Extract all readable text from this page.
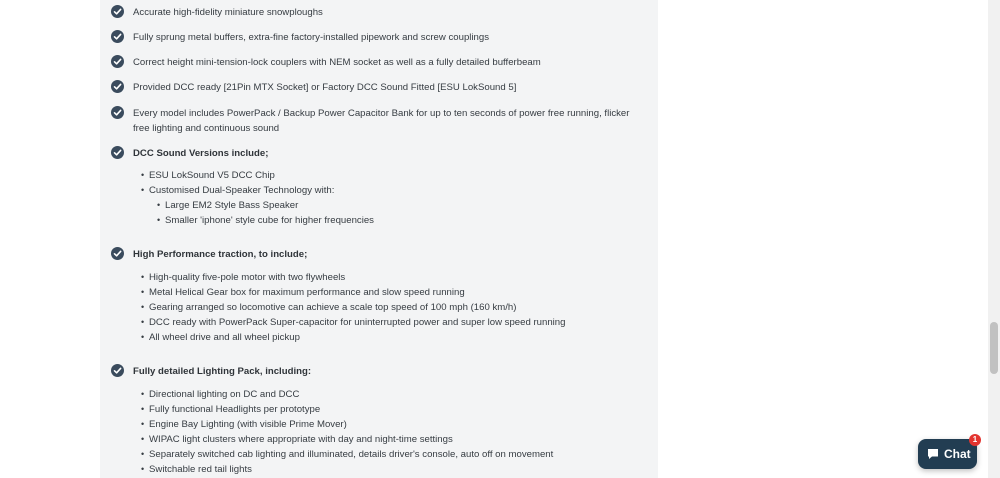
Accurate high-fidelity miniature snowploughs
Fully sprung metal buffers, extra-fine factory-installed pipework and screw couplings
Correct height mini-tension-lock couplers with NEM socket as well as a fully detailed bufferbeam
Provided DCC ready [21Pin MTX Socket] or Factory DCC Sound Fitted [ESU LokSound 5]
Every model includes PowerPack / Backup Power Capacitor Bank for up to ten seconds of power free running, flicker free lighting and continuous sound
DCC Sound Versions include;
• ESU LokSound V5 DCC Chip
• Customised Dual-Speaker Technology with:
• Large EM2 Style Bass Speaker
• Smaller 'iphone' style cube for higher frequencies
High Performance traction, to include;
• High-quality five-pole motor with two flywheels
• Metal Helical Gear box for maximum performance and slow speed running
• Gearing arranged so locomotive can achieve a scale top speed of 100 mph (160 km/h)
• DCC ready with PowerPack Super-capacitor for uninterrupted power and super low speed running
• All wheel drive and all wheel pickup
Fully detailed Lighting Pack, including:
• Directional lighting on DC and DCC
• Fully functional Headlights per prototype
• Engine Bay Lighting (with visible Prime Mover)
• WIPAC light clusters where appropriate with day and night-time settings
• Separately switched cab lighting and illuminated, details driver's console, auto off on movement
• Switchable red tail lights
Chat
1
